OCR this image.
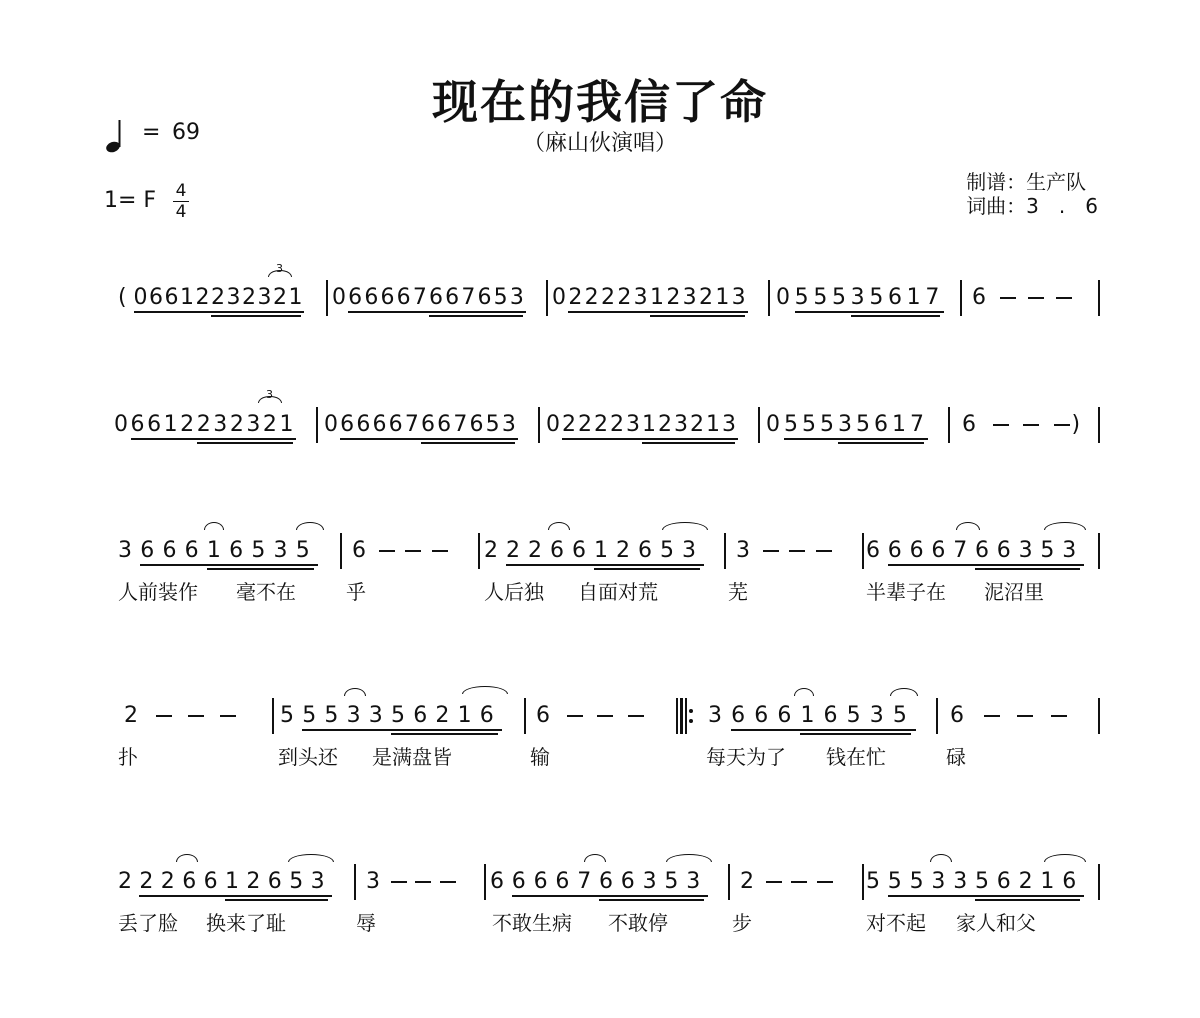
现在的我信了命
（麻山伙演唱）
= 69
1= F 4
4
制谱：生产队
词曲：3　.　6
( 0 6 6 1 2 2 3 2 3 2 1 0 6 6 6 6 7 6 6 7 6 5 3 0 2 2 2 2 3 1 2 3 2 1 3 0 5 5 5 3 5 6 1 7 6
0 6 6 1 2 2 3 2 3 2 1 0 6 6 6 6 7 6 6 7 6 5 3 0 2 2 2 2 3 1 2 3 2 1 3 0 5 5 5 3 5 6 1 7 6	)
3 6 6 6 1 6 5 3 5 6	2 2 2 6 6 1 2 6 5 3 3	6 6 6 6 7 6 6 3 5 3
人前装作 毫不在	乎	人后独 自面对荒	芜	半辈子在 泥沼里
2	5 5 5 3 3 5 6 2 1 6 6	3 6 6 6 1 6 5 3 5 6
扑	到头还 是满盘皆	输	每天为了 钱在忙	碌
2 2 2 6 6 1 2 6 5 3 3	6 6 6 6 7 6 6 3 5 3 2	5 5 5 3 3 5 6 2 1 6
丢了脸 换来了耻	辱	不敢生病 不敢停	步	对不起 家人和父
3
3
